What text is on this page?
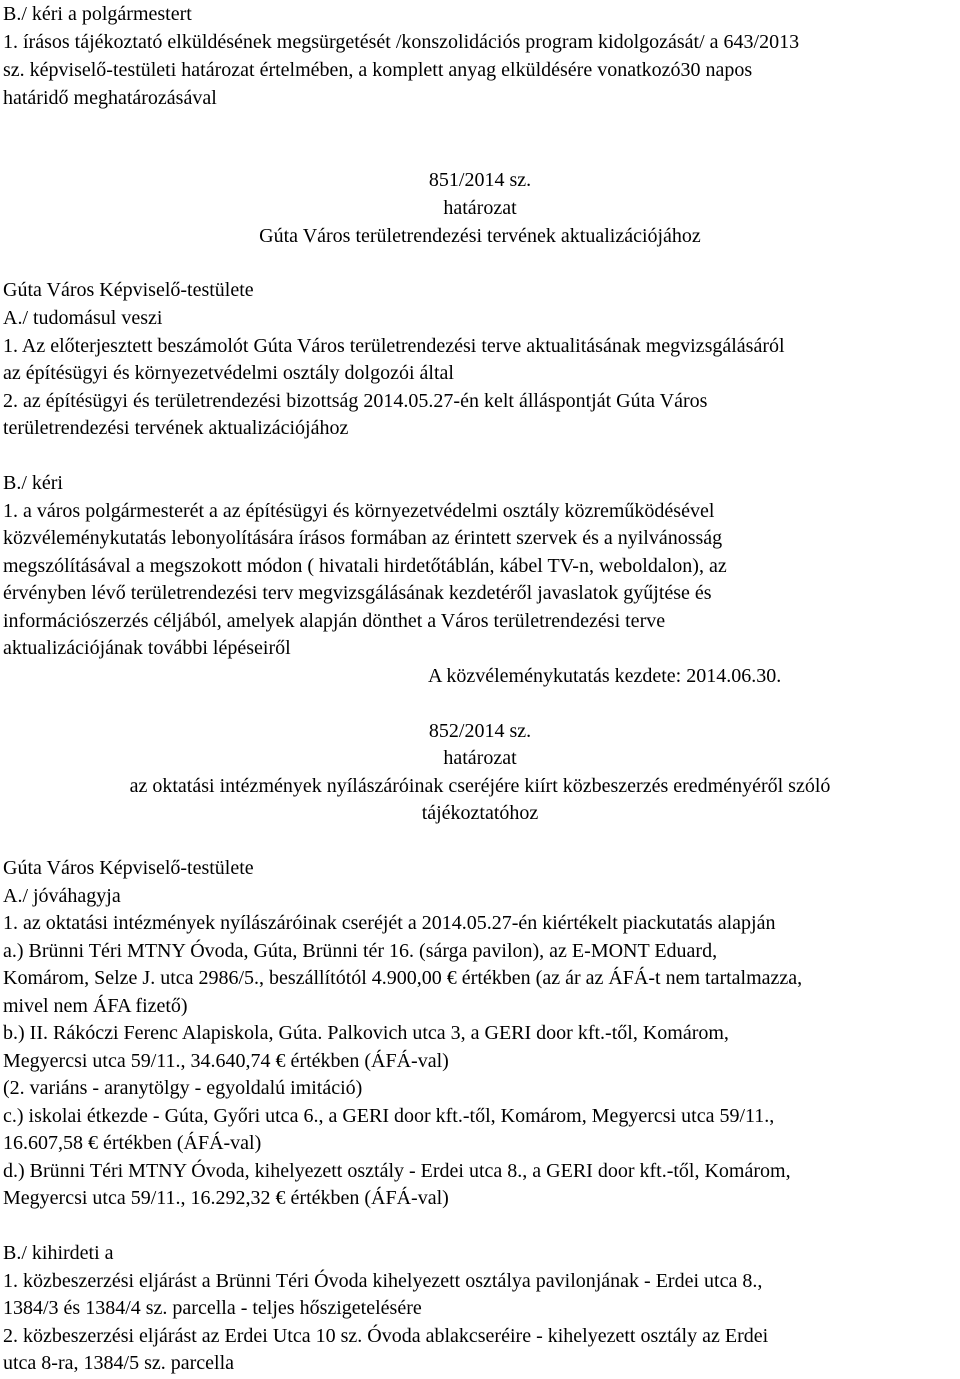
B./ kéri a polgármestert
1. írásos tájékoztató elküldésének megsürgetését /konszolidációs program kidolgozását/ a 643/2013
sz. képviselő-testületi határozat értelmében, a komplett anyag elküldésére vonatkozó30 napos
határidő meghatározásával
851/2014 sz.
határozat
Gúta Város területrendezési tervének aktualizációjához
Gúta Város Képviselő-testülete
A./ tudomásul veszi
1. Az előterjesztett beszámolót Gúta Város területrendezési terve aktualitásának megvizsgálásáról
az építésügyi és környezetvédelmi osztály dolgozói által
2. az építésügyi és területrendezési bizottság 2014.05.27-én kelt álláspontját Gúta Város
területrendezési tervének aktualizációjához
B./ kéri
1. a város polgármesterét a az építésügyi és környezetvédelmi osztály közreműködésével
közvéleménykutatás lebonyolítására írásos formában az érintett szervek és a nyilvánosság
megszólításával a megszokott módon ( hivatali hirdetőtáblán, kábel TV-n, weboldalon), az
érvényben lévő területrendezési terv megvizsgálásának kezdetéről javaslatok gyűjtése és
információszerzés céljából, amelyek alapján dönthet a Város területrendezési terve
aktualizációjának további lépéseiről
A közvéleménykutatás kezdete: 2014.06.30.
852/2014 sz.
határozat
az oktatási intézmények nyílászáróinak cseréjére kiírt közbeszerzés eredményéről szóló
tájékoztatóhoz
Gúta Város Képviselő-testülete
A./ jóváhagyja
1. az oktatási intézmények nyílászáróinak cseréjét a 2014.05.27-én kiértékelt piackutatás alapján
a.) Brünni Téri MTNY Óvoda, Gúta, Brünni tér 16. (sárga pavilon), az E-MONT Eduard,
Komárom, Selze J. utca 2986/5., beszállítótól 4.900,00 € értékben (az ár az ÁFÁ-t nem tartalmazza,
mivel nem ÁFA fizető)
b.) II. Rákóczi Ferenc Alapiskola, Gúta. Palkovich utca 3, a GERI door kft.-től, Komárom,
Megyercsi utca 59/11., 34.640,74 € értékben (ÁFÁ-val)
(2. variáns - aranytölgy - egyoldalú imitáció)
c.) iskolai étkezde - Gúta, Győri utca 6., a GERI door kft.-től, Komárom, Megyercsi utca 59/11.,
16.607,58 € értékben (ÁFÁ-val)
d.) Brünni Téri MTNY Óvoda, kihelyezett osztály - Erdei utca 8., a GERI door kft.-től, Komárom,
Megyercsi utca 59/11., 16.292,32 € értékben (ÁFÁ-val)
B./ kihirdeti a
1. közbeszerzési eljárást a Brünni Téri Óvoda kihelyezett osztálya pavilonjának - Erdei utca 8.,
1384/3 és 1384/4 sz. parcella - teljes hőszigetelésére
2. közbeszerzési eljárást az Erdei Utca 10 sz. Óvoda ablakcseréire - kihelyezett osztály az Erdei
utca 8-ra, 1384/5 sz. parcella
